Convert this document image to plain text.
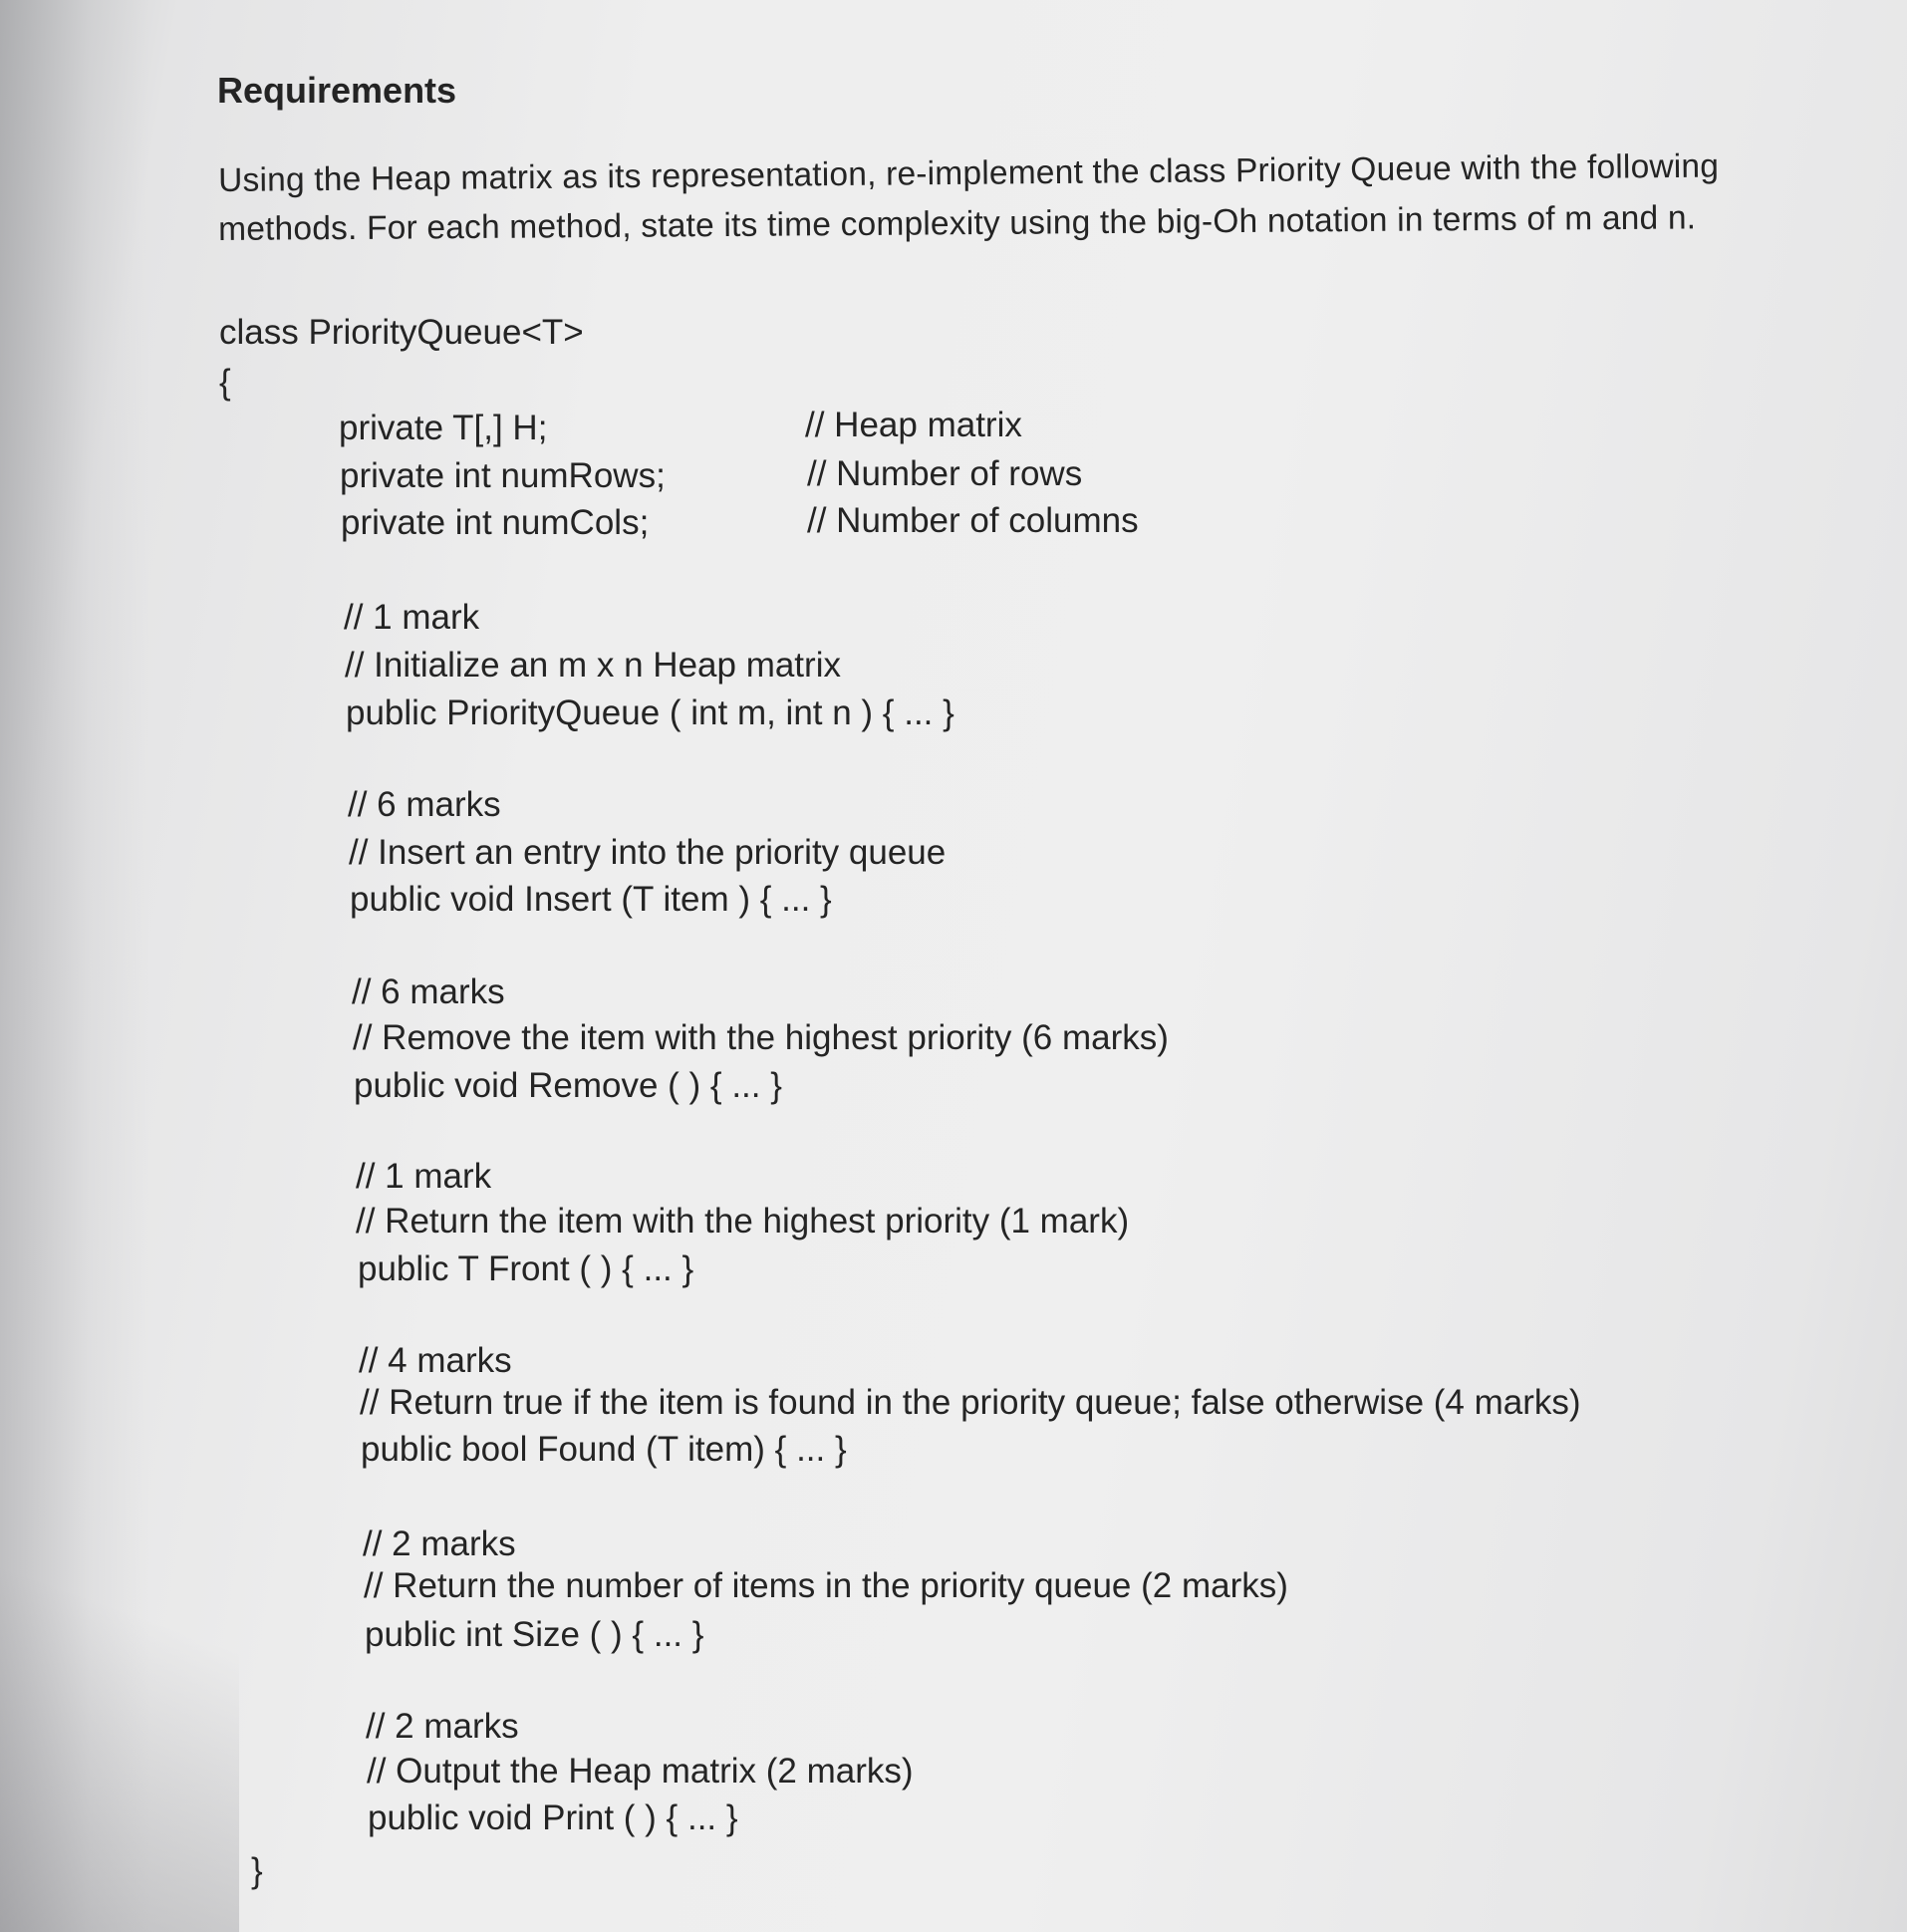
Requirements
Using the Heap matrix as its representation, re-implement the class Priority Queue with the following
methods. For each method, state its time complexity using the big-Oh notation in terms of m and n.
class PriorityQueue<T>
{
private T[,] H;	// Heap matrix
private int numRows;	// Number of rows
private int numCols;	// Number of columns
// 1 mark
// Initialize an m x n Heap matrix
public PriorityQueue ( int m, int n ) { ... }
// 6 marks
// Insert an entry into the priority queue
public void Insert (T item ) { ... }
// 6 marks
// Remove the item with the highest priority (6 marks)
public void Remove ( ) { ... }
// 1 mark
// Return the item with the highest priority (1 mark)
public T Front ( ) { ... }
// 4 marks
// Return true if the item is found in the priority queue; false otherwise (4 marks)
public bool Found (T item) { ... }
// 2 marks
// Return the number of items in the priority queue (2 marks)
public int Size ( ) { ... }
// 2 marks
// Output the Heap matrix (2 marks)
public void Print ( ) { ... }
}
